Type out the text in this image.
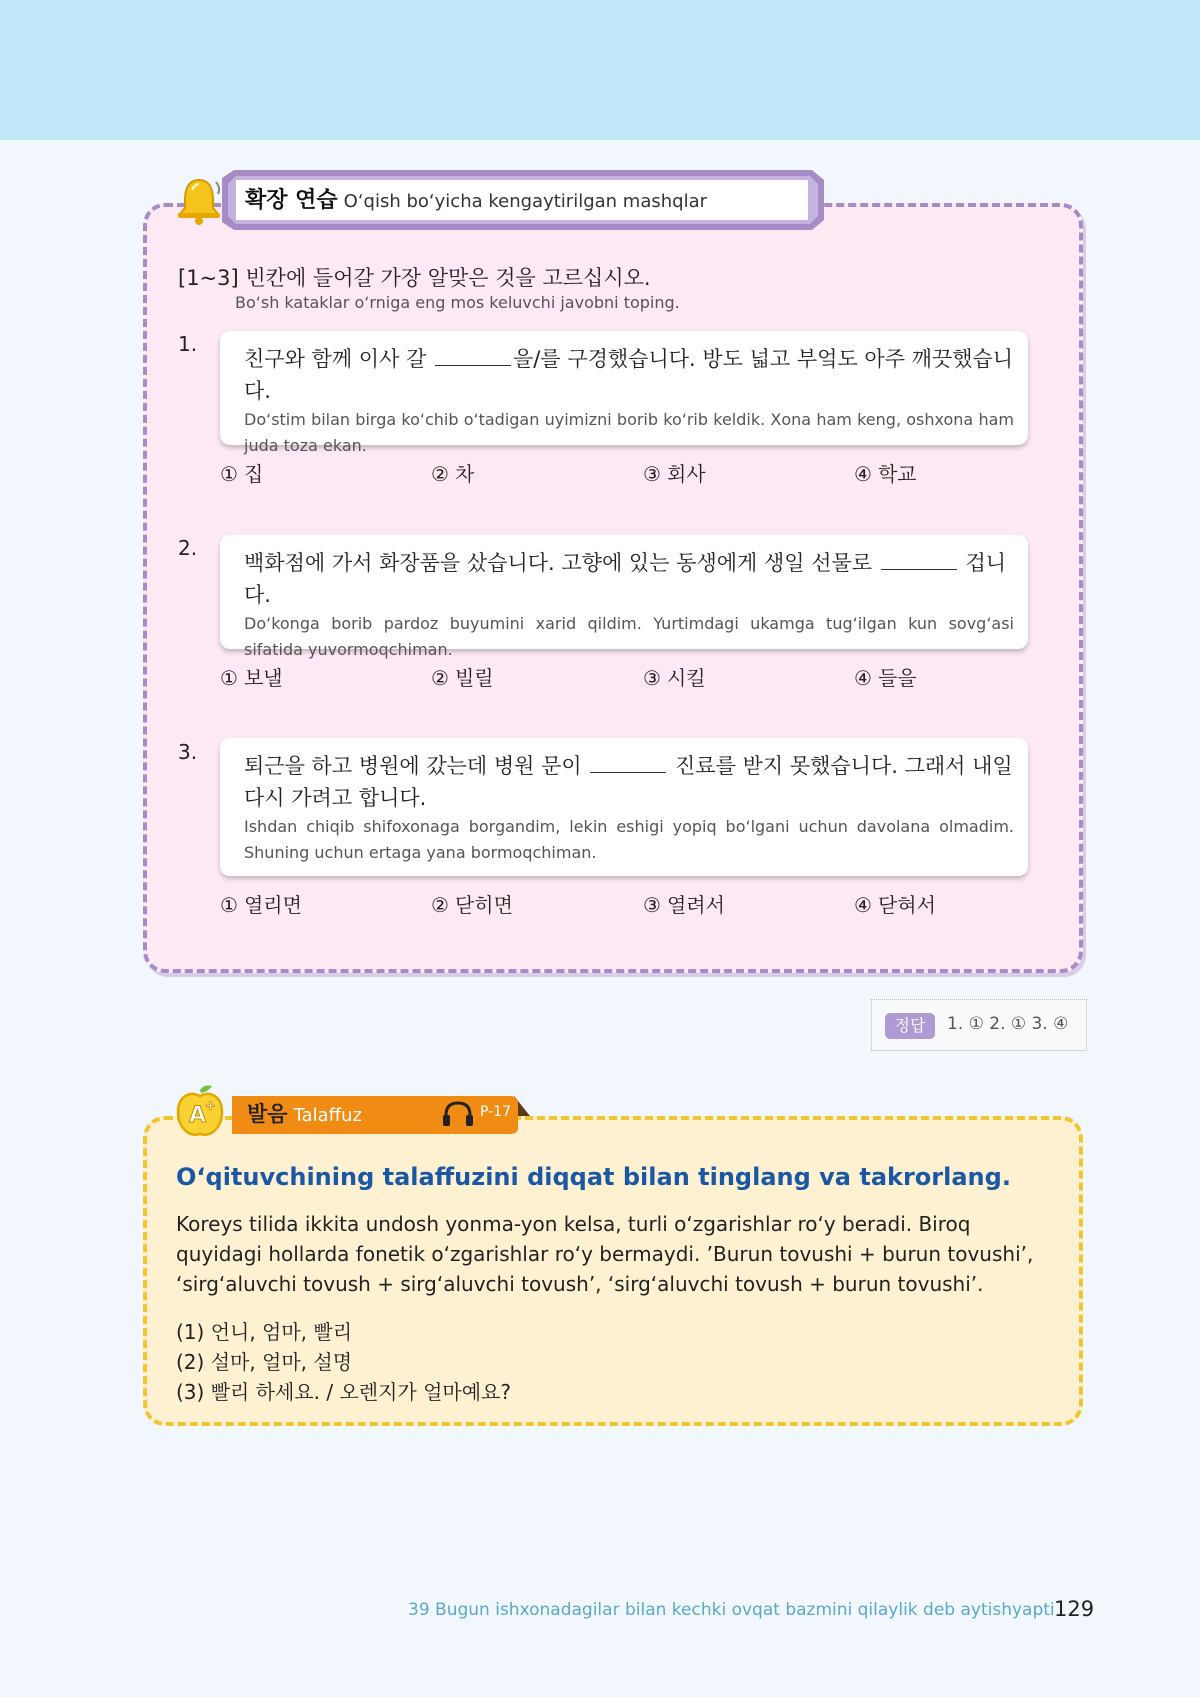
확장 연습 O‘qish bo‘yicha kengaytirilgan mashqlar
[1~3] 빈칸에 들어갈 가장 알맞은 것을 고르십시오.
Bo‘sh kataklar o‘rniga eng mos keluvchi javobni toping.
1.
친구와 함께 이사 갈	을/를 구경했습니다. 방도 넓고 부엌도 아주 깨끗했습니다.
Do‘stim bilan birga ko‘chib o‘tadigan uyimizni borib ko‘rib keldik. Xona ham keng, oshxona ham juda toza ekan.
① 집	② 차	③ 회사	④ 학교
2.
백화점에 가서 화장품을 샀습니다. 고향에 있는 동생에게 생일 선물로	겁니다.
Do‘konga borib pardoz buyumini xarid qildim. Yurtimdagi ukamga tug‘ilgan kun sovg‘asi sifatida yuvormoqchiman.
① 보낼	② 빌릴	③ 시킬	④ 들을
3.
퇴근을 하고 병원에 갔는데 병원 문이	진료를 받지 못했습니다. 그래서 내일 다시 가려고 합니다.
Ishdan chiqib shifoxonaga borgandim, lekin eshigi yopiq bo‘lgani uchun davolana olmadim. Shuning uchun ertaga yana bormoqchiman.
① 열리면	② 닫히면	③ 열려서	④ 닫혀서
정답	1. ① 2. ① 3. ④
A
+ 발음 Talaffuz	P-17
O‘qituvchining talaffuzini diqqat bilan tinglang va takrorlang.
Koreys tilida ikkita undosh yonma-yon kelsa, turli o‘zgarishlar ro‘y beradi. Biroq quyidagi hollarda fonetik o‘zgarishlar ro‘y bermaydi. ’Burun tovushi + burun tovushi’, ‘sirg‘aluvchi tovush + sirg‘aluvchi tovush’, ‘sirg‘aluvchi tovush + burun tovushi’.
(1) 언니, 엄마, 빨리
(2) 설마, 얼마, 설명
(3) 빨리 하세요. / 오렌지가 얼마예요?
39 Bugun ishxonadagilar bilan kechki ovqat bazmini qilaylik deb aytishyapti 129
